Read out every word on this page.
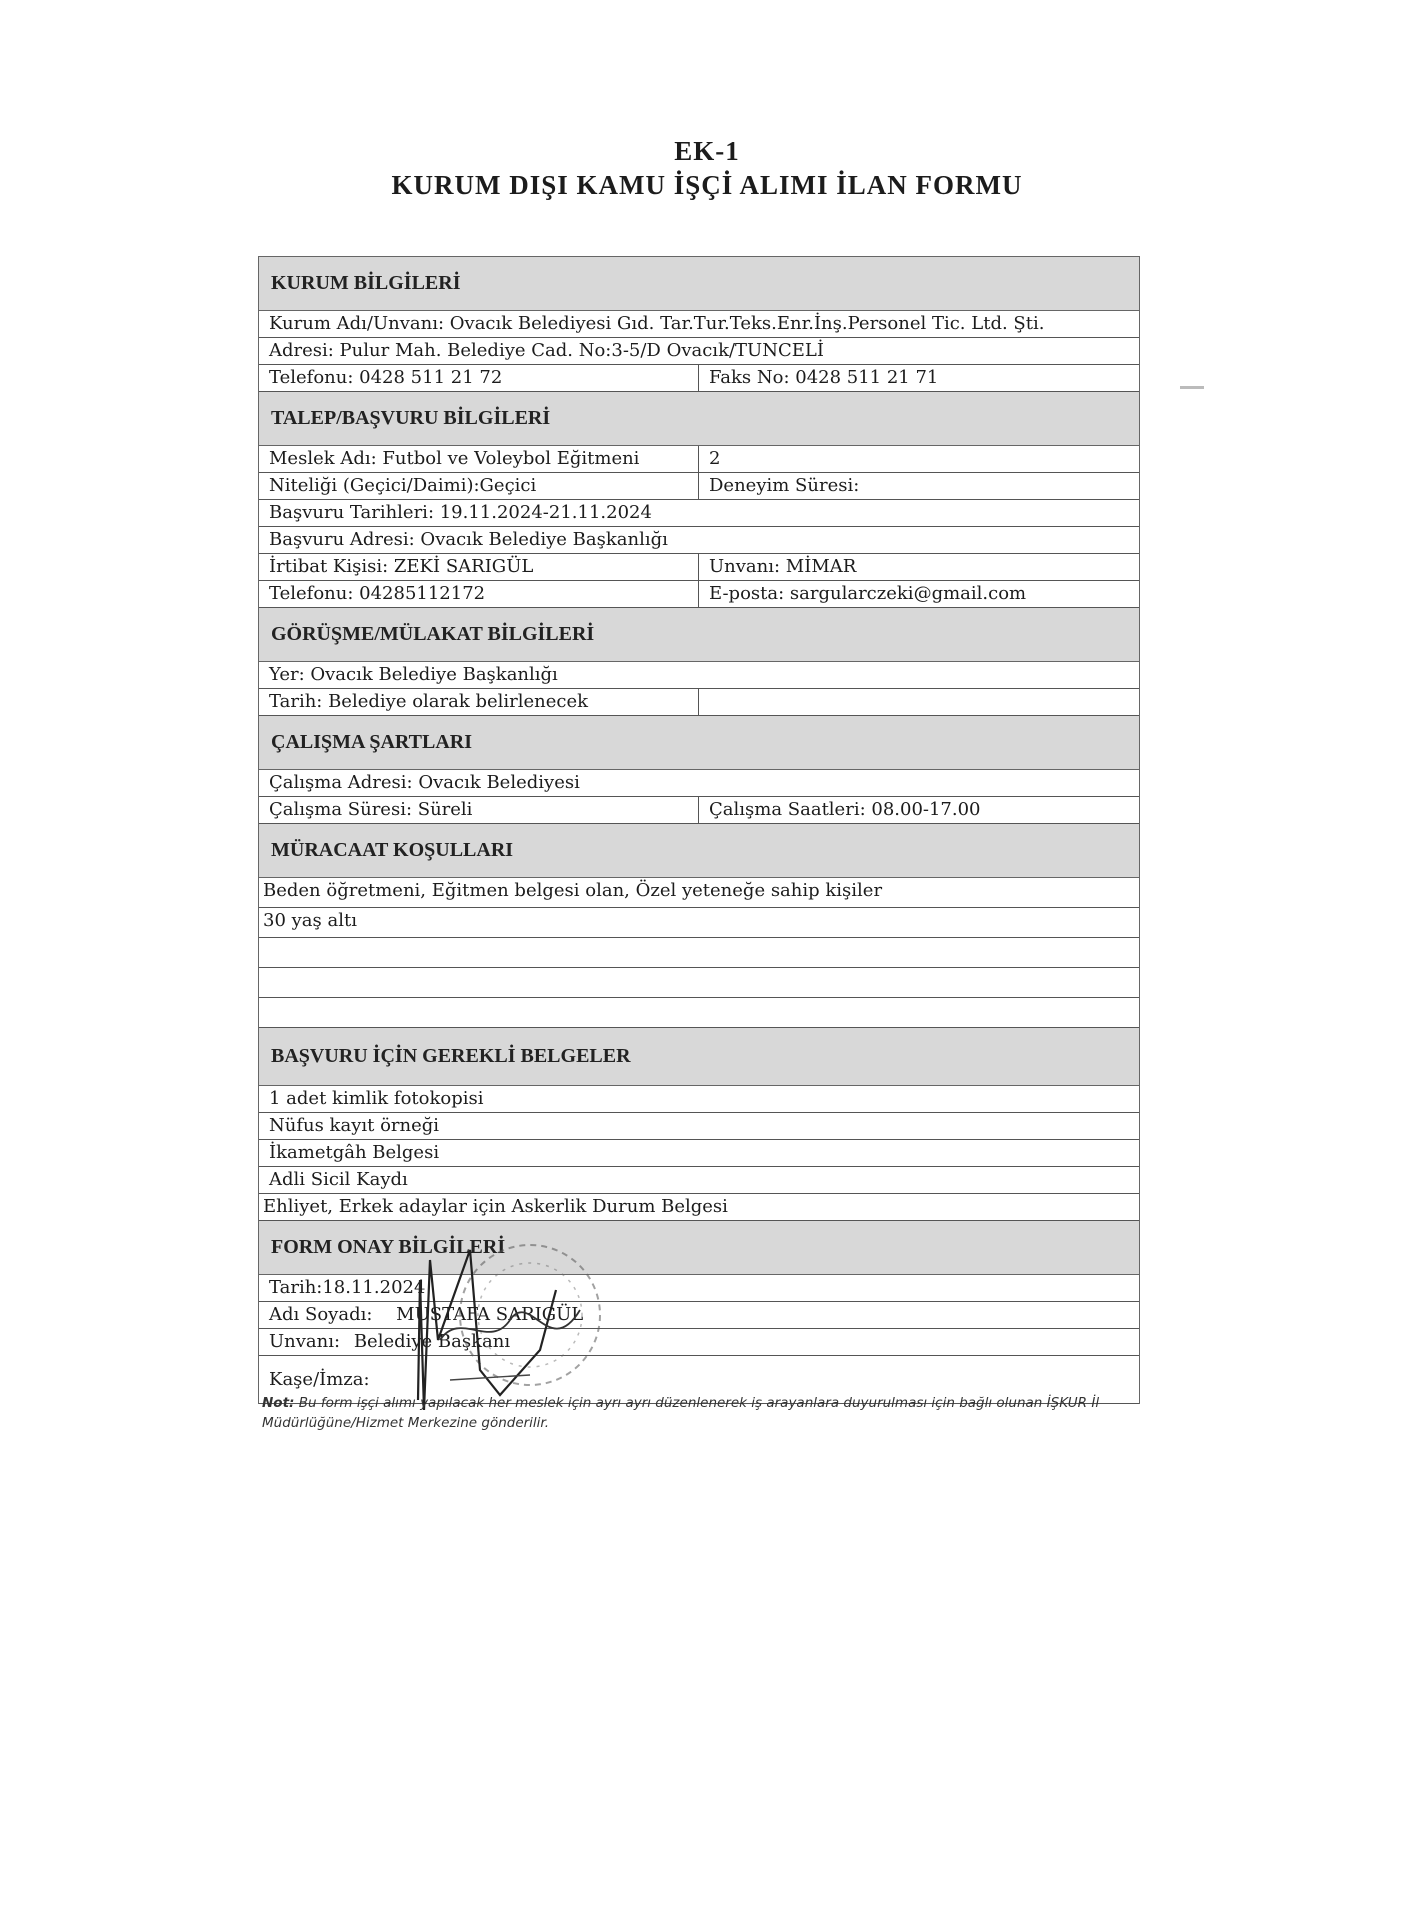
EK-1
KURUM DIŞI KAMU İŞÇİ ALIMI İLAN FORMU
KURUM BİLGİLERİ
Kurum Adı/Unvanı: Ovacık Belediyesi Gıd. Tar.Tur.Teks.Enr.İnş.Personel Tic. Ltd. Şti.
Adresi: Pulur Mah. Belediye Cad. No:3-5/D Ovacık/TUNCELİ
Telefonu: 0428 511 21 72	Faks No: 0428 511 21 71
TALEP/BAŞVURU BİLGİLERİ
Meslek Adı: Futbol ve Voleybol Eğitmeni	2
Niteliği (Geçici/Daimi):Geçici	Deneyim Süresi:
Başvuru Tarihleri: 19.11.2024-21.11.2024
Başvuru Adresi: Ovacık Belediye Başkanlığı
İrtibat Kişisi: ZEKİ SARIGÜL	Unvanı: MİMAR
Telefonu: 04285112172	E-posta: sargularczeki@gmail.com
GÖRÜŞME/MÜLAKAT BİLGİLERİ
Yer: Ovacık Belediye Başkanlığı
Tarih: Belediye olarak belirlenecek
ÇALIŞMA ŞARTLARI
Çalışma Adresi: Ovacık Belediyesi
Çalışma Süresi: Süreli	Çalışma Saatleri: 08.00-17.00
MÜRACAAT KOŞULLARI
Beden öğretmeni, Eğitmen belgesi olan, Özel yeteneğe sahip kişiler
30 yaş altı
BAŞVURU İÇİN GEREKLİ BELGELER
1 adet kimlik fotokopisi
Nüfus kayıt örneği
İkametgâh Belgesi
Adli Sicil Kaydı
Ehliyet, Erkek adaylar için Askerlik Durum Belgesi
FORM ONAY BİLGİLERİ
Tarih:18.11.2024
Adı Soyadı: MUSTAFA SARIGÜL
Unvanı: Belediye Başkanı
Kaşe/İmza:
Not: Bu form işçi alımı yapılacak her meslek için ayrı ayrı düzenlenerek iş arayanlara duyurulması için bağlı olunan İŞKUR İl Müdürlüğüne/Hizmet Merkezine gönderilir.
